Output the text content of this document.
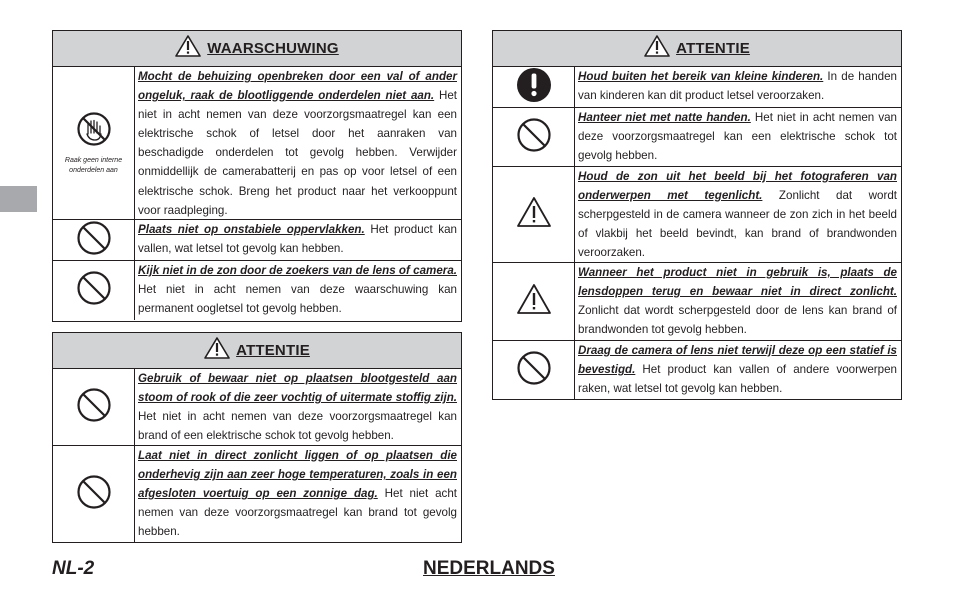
WAARSCHUWING
Raak geen interne onderdelen aan
Mocht de behuizing openbreken door een val of ander ongeluk, raak de blootliggende onderdelen niet aan. Het niet in acht nemen van deze voorzorgsmaatregel kan een elektrische schok of letsel door het aanraken van beschadigde onderdelen tot gevolg hebben. Verwijder onmiddellijk de camerabatterij en pas op voor letsel of een elektrische schok. Breng het product naar het verkooppunt voor raadpleging.
Plaats niet op onstabiele oppervlakken. Het product kan vallen, wat letsel tot gevolg kan hebben.
Kijk niet in de zon door de zoekers van de lens of camera. Het niet in acht nemen van deze waarschuwing kan permanent oogletsel tot gevolg hebben.
ATTENTIE
Gebruik of bewaar niet op plaatsen blootgesteld aan stoom of rook of die zeer vochtig of uitermate stoffig zijn. Het niet in acht nemen van deze voorzorgsmaatregel kan brand of een elektrische schok tot gevolg hebben.
Laat niet in direct zonlicht liggen of op plaatsen die onderhevig zijn aan zeer hoge temperaturen, zoals in een afgesloten voertuig op een zonnige dag. Het niet acht nemen van deze voorzorgsmaatregel kan brand tot gevolg hebben.
ATTENTIE
Houd buiten het bereik van kleine kinderen. In de handen van kinderen kan dit product letsel veroorzaken.
Hanteer niet met natte handen. Het niet in acht nemen van deze voorzorgsmaatregel kan een elektrische schok tot gevolg hebben.
Houd de zon uit het beeld bij het fotograferen van onderwerpen met tegenlicht. Zonlicht dat wordt scherpgesteld in de camera wanneer de zon zich in het beeld of vlakbij het beeld bevindt, kan brand of brandwonden veroorzaken.
Wanneer het product niet in gebruik is, plaats de lensdoppen terug en bewaar niet in direct zonlicht. Zonlicht dat wordt scherpgesteld door de lens kan brand of brandwonden tot gevolg hebben.
Draag de camera of lens niet terwijl deze op een statief is bevestigd. Het product kan vallen of andere voorwerpen raken, wat letsel tot gevolg kan hebben.
NL-2	NEDERLANDS
